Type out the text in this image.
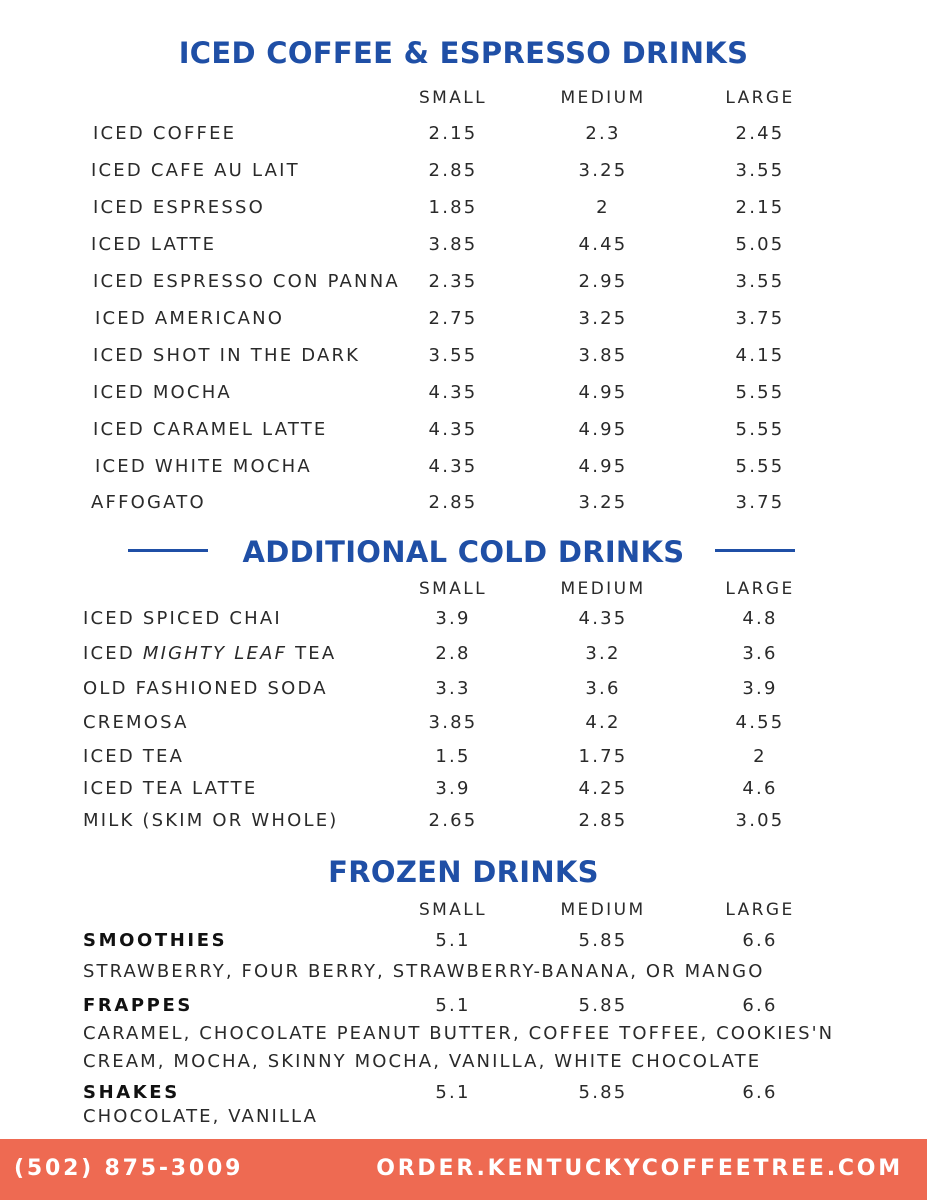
ICED COFFEE & ESPRESSO DRINKS
SMALL	MEDIUM	LARGE
ICED COFFEE	2.15	2.3	2.45
ICED CAFE AU LAIT	2.85	3.25	3.55
ICED ESPRESSO	1.85	2	2.15
ICED LATTE	3.85	4.45	5.05
ICED ESPRESSO CON PANNA	2.35	2.95	3.55
ICED AMERICANO	2.75	3.25	3.75
ICED SHOT IN THE DARK	3.55	3.85	4.15
ICED MOCHA	4.35	4.95	5.55
ICED CARAMEL LATTE	4.35	4.95	5.55
ICED WHITE MOCHA	4.35	4.95	5.55
AFFOGATO	2.85	3.25	3.75
ADDITIONAL COLD DRINKS
SMALL	MEDIUM	LARGE
ICED SPICED CHAI	3.9	4.35	4.8
ICED MIGHTY LEAF TEA	2.8	3.2	3.6
OLD FASHIONED SODA	3.3	3.6	3.9
CREMOSA	3.85	4.2	4.55
ICED TEA	1.5	1.75	2
ICED TEA LATTE	3.9	4.25	4.6
MILK (SKIM OR WHOLE)	2.65	2.85	3.05
FROZEN DRINKS
SMALL	MEDIUM	LARGE
SMOOTHIES	5.1	5.85	6.6
STRAWBERRY, FOUR BERRY, STRAWBERRY-BANANA, OR MANGO
FRAPPES	5.1	5.85	6.6
CARAMEL, CHOCOLATE PEANUT BUTTER, COFFEE TOFFEE, COOKIES'N
CREAM, MOCHA, SKINNY MOCHA, VANILLA, WHITE CHOCOLATE
SHAKES	5.1	5.85	6.6
CHOCOLATE, VANILLA
(502) 875-3009	ORDER.KENTUCKYCOFFEETREE.COM
